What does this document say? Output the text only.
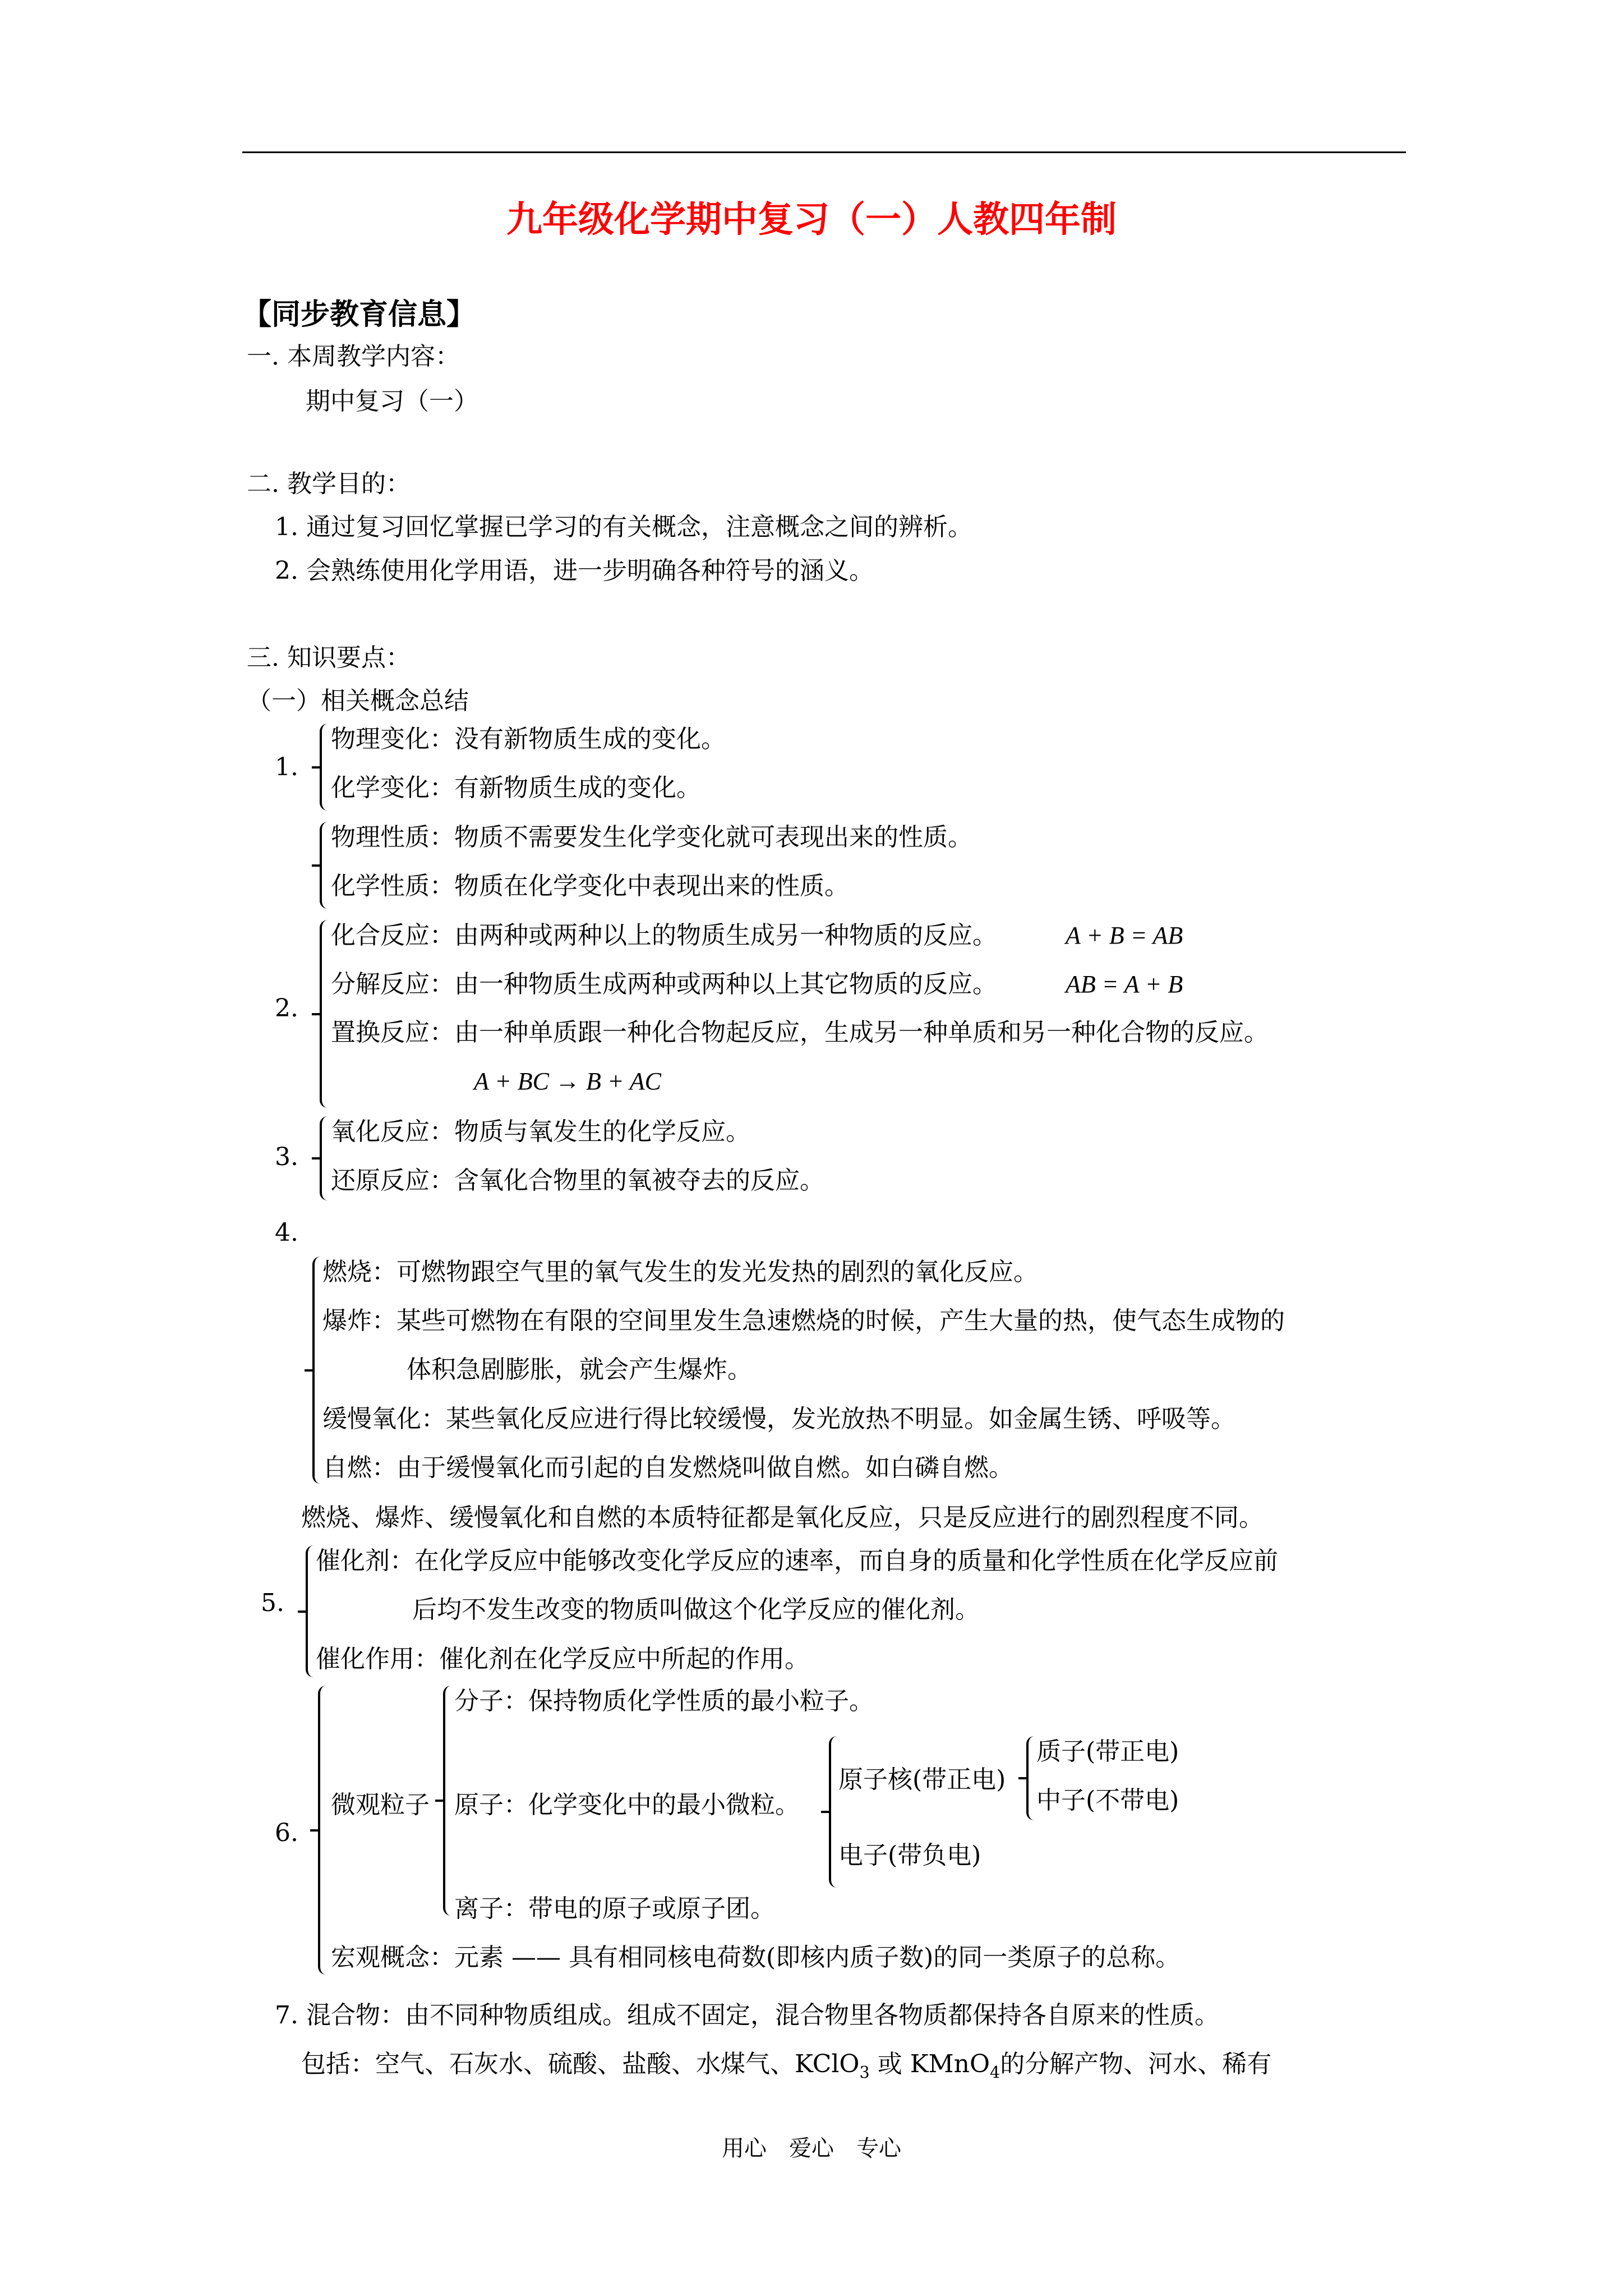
九年级化学期中复习（一）人教四年制
【同步教育信息】
一. 本周教学内容：
期中复习（一）
二. 教学目的：
1. 通过复习回忆掌握已学习的有关概念，注意概念之间的辨析。
2. 会熟练使用化学用语，进一步明确各种符号的涵义。
三. 知识要点：
（一）相关概念总结
1.
物理变化：没有新物质生成的变化。
化学变化：有新物质生成的变化。
物理性质：物质不需要发生化学变化就可表现出来的性质。
化学性质：物质在化学变化中表现出来的性质。
2.
化合反应：由两种或两种以上的物质生成另一种物质的反应。	A + B = AB
分解反应：由一种物质生成两种或两种以上其它物质的反应。	AB = A + B
置换反应：由一种单质跟一种化合物起反应，生成另一种单质和另一种化合物的反应。
A + BC → B + AC
3.
氧化反应：物质与氧发生的化学反应。
还原反应：含氧化合物里的氧被夺去的反应。
4.
燃烧：可燃物跟空气里的氧气发生的发光发热的剧烈的氧化反应。
爆炸：某些可燃物在有限的空间里发生急速燃烧的时候，产生大量的热，使气态生成物的
体积急剧膨胀，就会产生爆炸。
缓慢氧化：某些氧化反应进行得比较缓慢，发光放热不明显。如金属生锈、呼吸等。
自燃：由于缓慢氧化而引起的自发燃烧叫做自燃。如白磷自燃。
燃烧、爆炸、缓慢氧化和自燃的本质特征都是氧化反应，只是反应进行的剧烈程度不同。
5.
催化剂：在化学反应中能够改变化学反应的速率，而自身的质量和化学性质在化学反应前
后均不发生改变的物质叫做这个化学反应的催化剂。
催化作用：催化剂在化学反应中所起的作用。
6.
微观粒子
分子：保持物质化学性质的最小粒子。
原子：化学变化中的最小微粒。
原子核(带正电)
电子(带负电)
质子(带正电)
中子(不带电)
离子：带电的原子或原子团。
宏观概念：元素 —— 具有相同核电荷数(即核内质子数)的同一类原子的总称。
7. 混合物：由不同种物质组成。组成不固定，混合物里各物质都保持各自原来的性质。
包括：空气、石灰水、硫酸、盐酸、水煤气、KClO$_3$ 或 KMnO$_4$的分解产物、河水、稀有
用心　爱心　专心
